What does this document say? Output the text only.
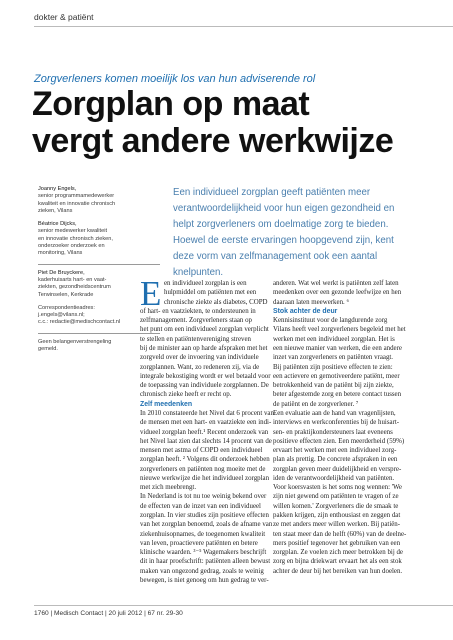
dokter & patiënt
Zorgverleners komen moeilijk los van hun adviserende rol
Zorgplan op maat
vergt andere werkwijze
Joanny Engels,
senior programmamedewerker
kwaliteit en innovatie chronisch
zieken, Vilans
Béatrice Dijcks,
senior medewerker kwaliteit
en innovatie chronisch zieken,
onderzoeker onderzoek en
monitoring, Vilans
Piet De Bruyckere,
kaderhuisarts hart- en vaat-
ziekten, gezondheidscentrum
Terwinselen, Kerkrade
Correspondentieadres:
j.engels@vilans.nl;
c.c.: redactie@medischcontact.nl
Geen belangenverstrengeling
gemeld.
Een individueel zorgplan geeft patiënten meer
verantwoordelijkheid voor hun eigen gezondheid en
helpt zorgverleners om doelmatige zorg te bieden.
Hoewel de eerste ervaringen hoopgevend zijn, kent
deze vorm van zelfmanagement ook een aantal
knelpunten.
E en individueel zorgplan is een
hulpmiddel om patiënten met een
chronische ziekte als diabetes, COPD
of hart- en vaatziekten, te ondersteunen in
zelfmanagement. Zorgverleners staan op
het punt om een individueel zorgplan verplicht
te stellen en patiëntenvereniging streven
bij de minister aan op harde afspraken met het
zorgveld over de invoering van individuele
zorgplannen. Want, zo redeneren zij, via de
integrale bekostiging wordt er wel betaald voor
de toepassing van individuele zorgplannen. De
chronisch zieke heeft er recht op.
Zelf meedenken
In 2010 constateerde het Nivel dat 6 procent van
de mensen met een hart- en vaatziekte een indi-
vidueel zorgplan heeft.¹ Recent onderzoek van
het Nivel laat zien dat slechts 14 procent van de
mensen met astma of COPD een individueel
zorgplan heeft. ² Volgens dit onderzoek hebben
zorgverleners en patiënten nog moeite met de
nieuwe werkwijze die het individueel zorgplan
met zich meebrengt.
In Nederland is tot nu toe weinig bekend over
de effecten van de inzet van een individueel
zorgplan. In vier studies zijn positieve effecten
van het zorgplan benoemd, zoals de afname van
ziekenhuisopnames, de toegenomen kwaliteit
van leven, proactievere patiënten en betere
klinische waarden. ³⁻⁵ Wagemakers beschrijft
dit in haar proefschrift: patiënten alleen bewust
maken van ongezond gedrag, zoals te weinig
bewegen, is niet genoeg om hun gedrag te ver-
anderen. Wat wel werkt is patiënten zelf laten
meedenken over een gezonde leefwijze en hen
daaraan laten meewerken. ⁶
Stok achter de deur
Kennisinstituut voor de langdurende zorg
Vilans heeft veel zorgverleners begeleid met het
werken met een individueel zorgplan. Het is
een nieuwe manier van werken, die een andere
inzet van zorgverleners en patiënten vraagt.
Bij patiënten zijn positieve effecten te zien:
een actievere en gemotiveerdere patiënt, meer
betrokkenheid van de patiënt bij zijn ziekte,
beter afgestemde zorg en betere contact tussen
de patiënt en de zorgverlener. ⁷
Een evaluatie aan de hand van vragenlijsten,
interviews en werkconferenties bij de huisart-
sen- en praktijkondersteuners laat eveneens
positieve effecten zien. Een meerderheid (59%)
ervaart het werken met een individueel zorg-
plan als prettig. De concrete afspraken in een
zorgplan geven meer duidelijkheid en verspre-
iden de verantwoordelijkheid van patiënten.
Voor koersvasten is het soms nog wennen: 'We
zijn niet gewend om patiënten te vragen of ze
willen komen.' Zorgverleners die de smaak te
pakken krijgen, zijn enthousiast en zeggen dat
ze met anders meer willen werken. Bij patiën-
ten staat meer dan de helft (60%) van de deelne-
mers positief tegenover het gebruiken van een
zorgplan. Ze voelen zich meer betrokken bij de
zorg en bijna driekwart ervaart het als een stok
achter de deur bij het bereiken van hun doelen.
1760 | Medisch Contact | 20 juli 2012 | 67 nr. 29-30
